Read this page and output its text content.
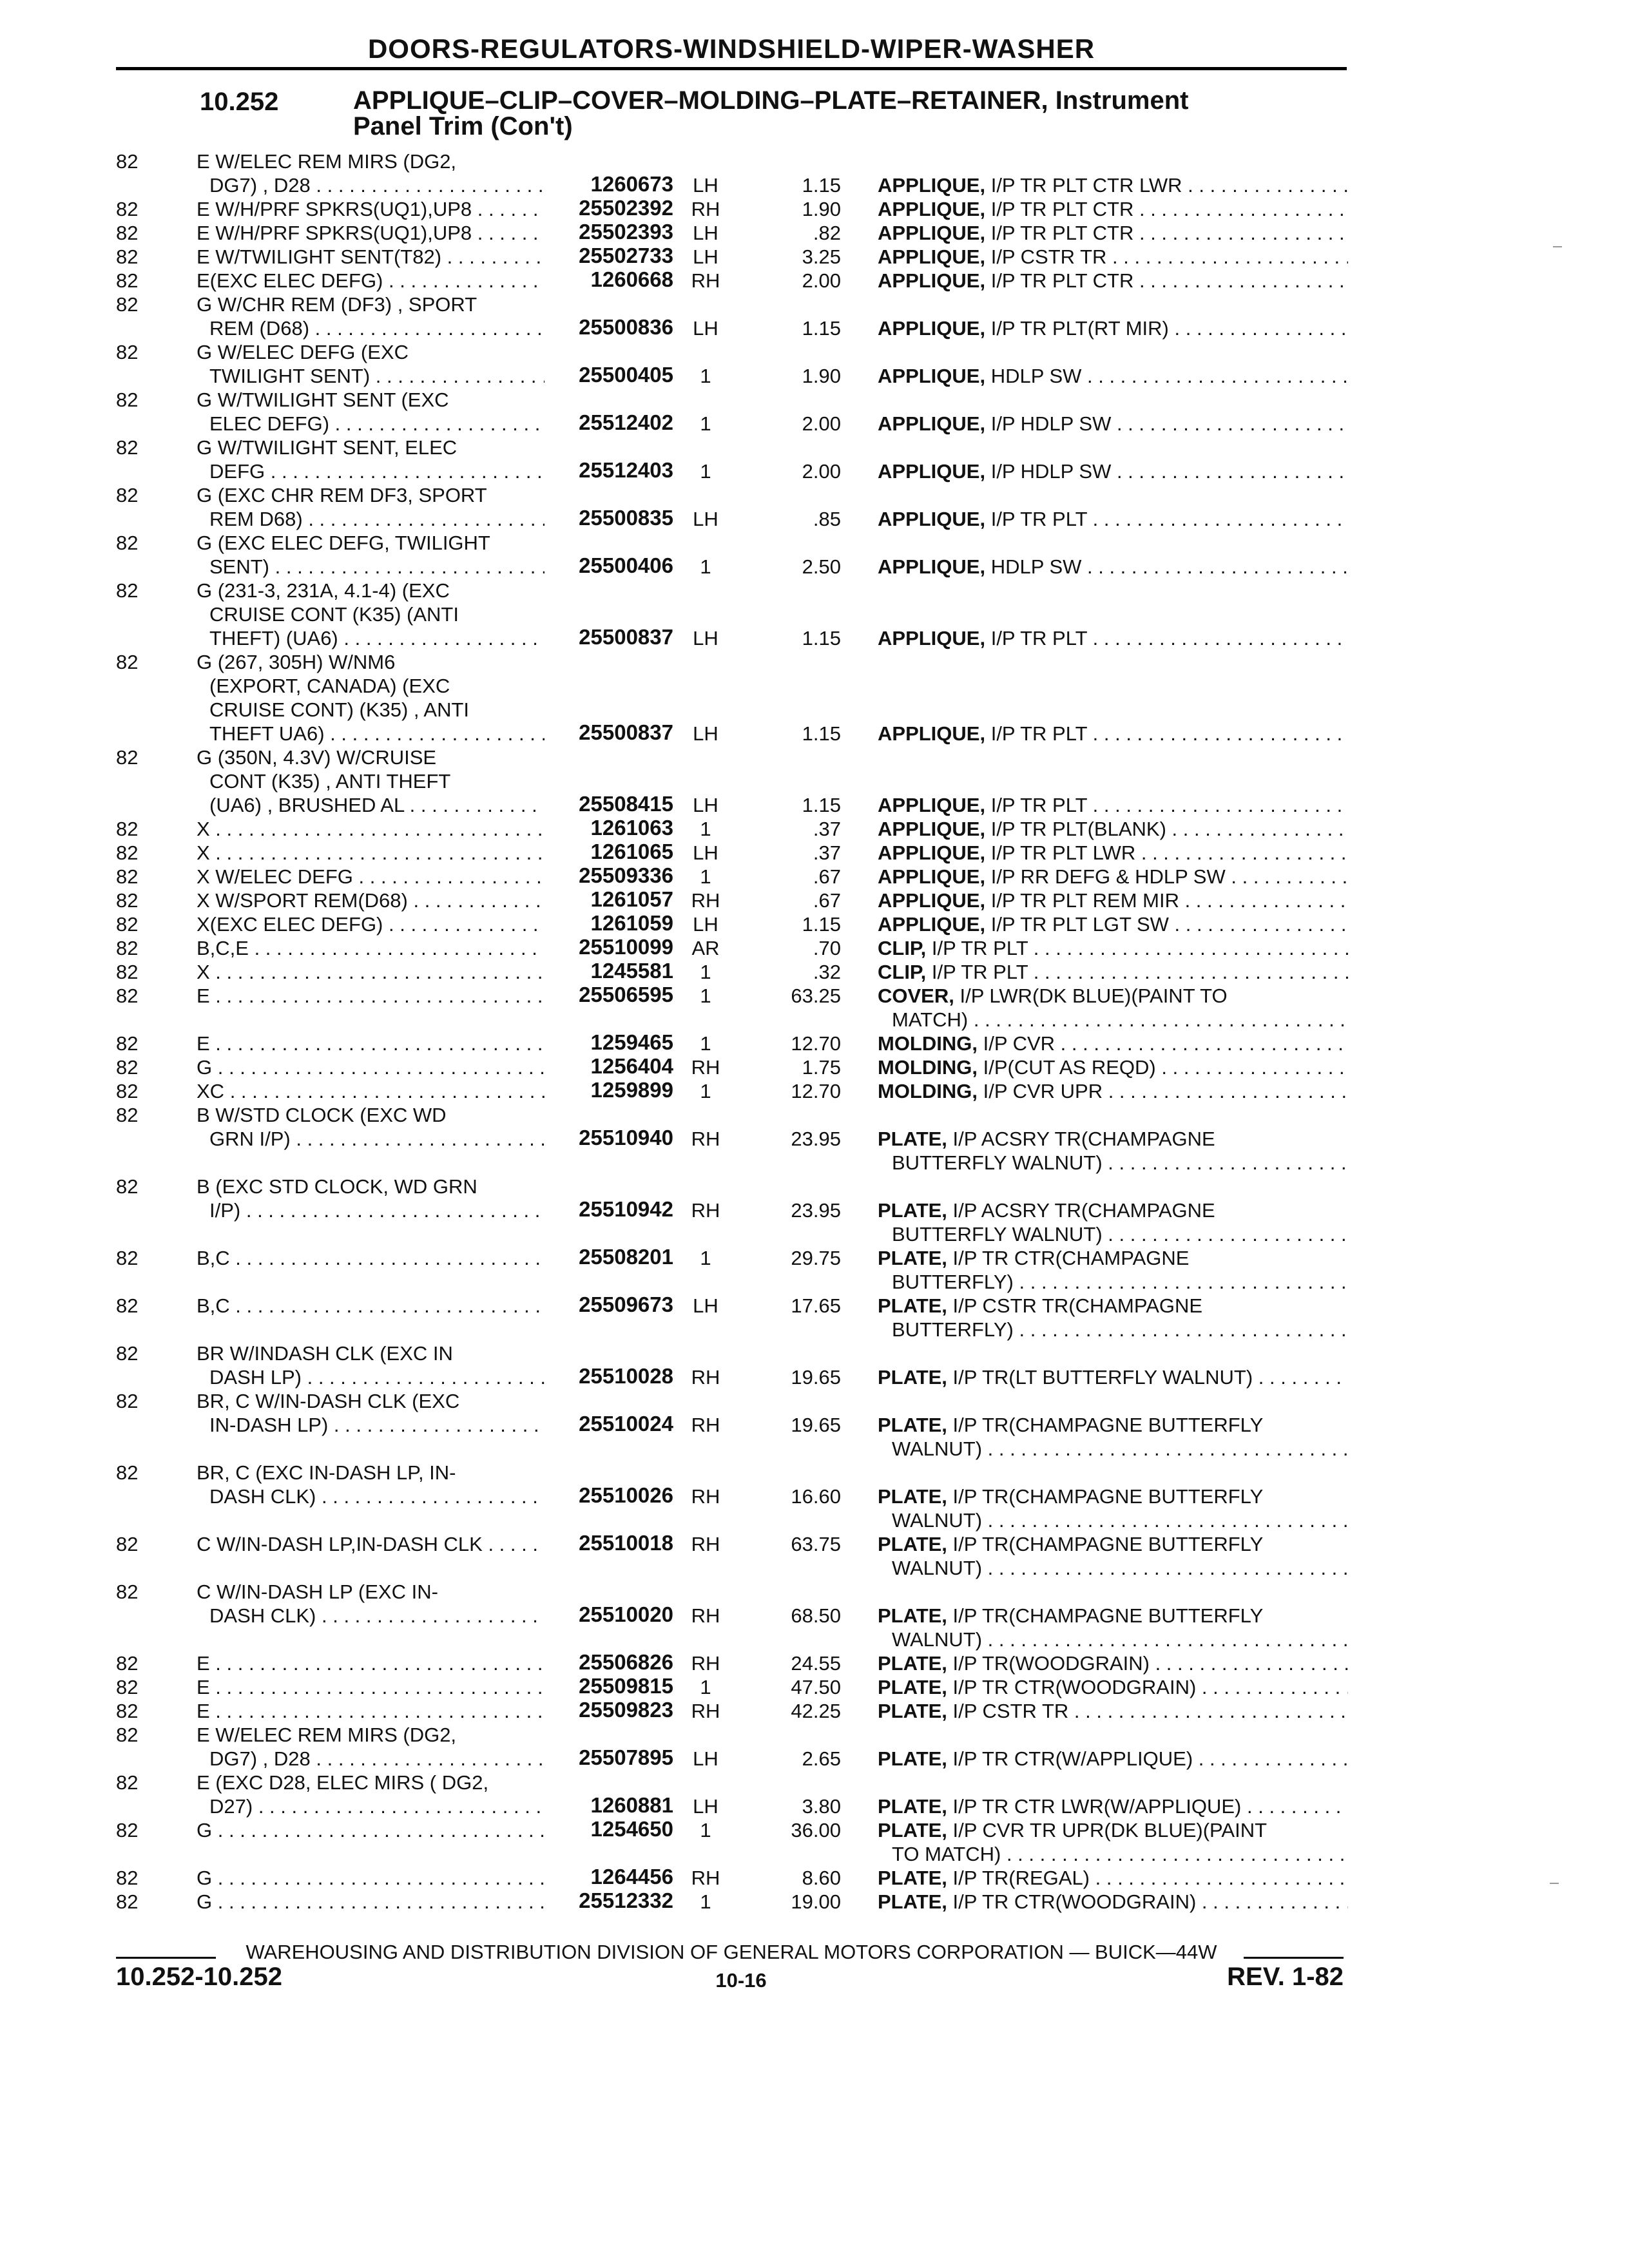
DOORS-REGULATORS-WINDSHIELD-WIPER-WASHER
10.252	APPLIQUE–CLIP–COVER–MOLDING–PLATE–RETAINER, Instrument
Panel Trim (Con't)
82	E W/ELEC REM MIRS (DG2,
DG7) , D28 . . .	1260673 LH	1.15 APPLIQUE, I/P TR PLT CTR LWR . . .
82	E W/H/PRF SPKRS(UQ1),UP8 . . .	25502392 RH	1.90 APPLIQUE, I/P TR PLT CTR . . .
82	E W/H/PRF SPKRS(UQ1),UP8 . . .	25502393 LH	.82 APPLIQUE, I/P TR PLT CTR . . .
82	E W/TWILIGHT SENT(T82) . . .	25502733 LH	3.25 APPLIQUE, I/P CSTR TR . . .
82	E(EXC ELEC DEFG) . . .	1260668 RH	2.00 APPLIQUE, I/P TR PLT CTR . . .
82	G W/CHR REM (DF3) , SPORT
REM (D68) . . .	25500836 LH	1.15 APPLIQUE, I/P TR PLT(RT MIR) . . .
82	G W/ELEC DEFG (EXC
TWILIGHT SENT) . . .	25500405	1	1.90 APPLIQUE, HDLP SW . . .
82	G W/TWILIGHT SENT (EXC
ELEC DEFG) . . .	25512402	1	2.00 APPLIQUE, I/P HDLP SW . . .
82	G W/TWILIGHT SENT, ELEC
DEFG . . .	25512403	1	2.00 APPLIQUE, I/P HDLP SW . . .
82	G (EXC CHR REM DF3, SPORT
REM D68) . . .	25500835 LH	.85 APPLIQUE, I/P TR PLT . . .
82	G (EXC ELEC DEFG, TWILIGHT
SENT) . . .	25500406	1	2.50 APPLIQUE, HDLP SW . . .
82	G (231-3, 231A, 4.1-4) (EXC
CRUISE CONT (K35) (ANTI
THEFT) (UA6) . . .	25500837 LH	1.15 APPLIQUE, I/P TR PLT . . .
82	G (267, 305H) W/NM6
(EXPORT, CANADA) (EXC
CRUISE CONT) (K35) , ANTI
THEFT UA6) . . .	25500837 LH	1.15 APPLIQUE, I/P TR PLT . . .
82	G (350N, 4.3V) W/CRUISE
CONT (K35) , ANTI THEFT
(UA6) , BRUSHED AL . . .	25508415 LH	1.15 APPLIQUE, I/P TR PLT . . .
82	X . . .	1261063	1	.37 APPLIQUE, I/P TR PLT(BLANK) . . .
82	X . . .	1261065 LH	.37 APPLIQUE, I/P TR PLT LWR . . .
82	X W/ELEC DEFG . . .	25509336	1	.67 APPLIQUE, I/P RR DEFG & HDLP SW . . .
82	X W/SPORT REM(D68) . . .	1261057 RH	.67 APPLIQUE, I/P TR PLT REM MIR . . .
82	X(EXC ELEC DEFG) . . .	1261059 LH	1.15 APPLIQUE, I/P TR PLT LGT SW . . .
82	B,C,E . . .	25510099 AR	.70 CLIP, I/P TR PLT . . .
82	X . . .	1245581	1	.32 CLIP, I/P TR PLT . . .
82	E . . .	25506595	1	63.25 COVER, I/P LWR(DK BLUE)(PAINT TO
MATCH) . . .
82	E . . .	1259465	1	12.70 MOLDING, I/P CVR . . .
82	G . . .	1256404 RH	1.75 MOLDING, I/P(CUT AS REQD) . . .
82	XC . . .	1259899	1	12.70 MOLDING, I/P CVR UPR . . .
82	B W/STD CLOCK (EXC WD
GRN I/P) . . .	25510940 RH	23.95 PLATE, I/P ACSRY TR(CHAMPAGNE
BUTTERFLY WALNUT) . . .
82	B (EXC STD CLOCK, WD GRN
I/P) . . .	25510942 RH	23.95 PLATE, I/P ACSRY TR(CHAMPAGNE
BUTTERFLY WALNUT) . . .
82	B,C . . .	25508201	1	29.75 PLATE, I/P TR CTR(CHAMPAGNE
BUTTERFLY) . . .
82	B,C . . .	25509673 LH	17.65 PLATE, I/P CSTR TR(CHAMPAGNE
BUTTERFLY) . . .
82	BR W/INDASH CLK (EXC IN
DASH LP) . . .	25510028 RH	19.65 PLATE, I/P TR(LT BUTTERFLY WALNUT) . . .
82	BR, C W/IN-DASH CLK (EXC
IN-DASH LP) . . .	25510024 RH	19.65 PLATE, I/P TR(CHAMPAGNE BUTTERFLY
WALNUT) . . .
82	BR, C (EXC IN-DASH LP, IN-
DASH CLK) . . .	25510026 RH	16.60 PLATE, I/P TR(CHAMPAGNE BUTTERFLY
WALNUT) . . .
82	C W/IN-DASH LP,IN-DASH CLK . . .	25510018 RH	63.75 PLATE, I/P TR(CHAMPAGNE BUTTERFLY
WALNUT) . . .
82	C W/IN-DASH LP (EXC IN-
DASH CLK) . . .	25510020 RH	68.50 PLATE, I/P TR(CHAMPAGNE BUTTERFLY
WALNUT) . . .
82	E . . .	25506826 RH	24.55 PLATE, I/P TR(WOODGRAIN) . . .
82	E . . .	25509815	1	47.50 PLATE, I/P TR CTR(WOODGRAIN) . . .
82	E . . .	25509823 RH	42.25 PLATE, I/P CSTR TR . . .
82	E W/ELEC REM MIRS (DG2,
DG7) , D28 . . .	25507895 LH	2.65 PLATE, I/P TR CTR(W/APPLIQUE) . . .
82	E (EXC D28, ELEC MIRS ( DG2,
D27) . . .	1260881 LH	3.80 PLATE, I/P TR CTR LWR(W/APPLIQUE) . . .
82	G . . .	1254650	1	36.00 PLATE, I/P CVR TR UPR(DK BLUE)(PAINT
TO MATCH) . . .
82	G . . .	1264456 RH	8.60 PLATE, I/P TR(REGAL) . . .
82	G . . .	25512332	1	19.00 PLATE, I/P TR CTR(WOODGRAIN) . . .
WAREHOUSING AND DISTRIBUTION DIVISION OF GENERAL MOTORS CORPORATION — BUICK—44W
10.252-10.252	10-16	REV. 1-82
